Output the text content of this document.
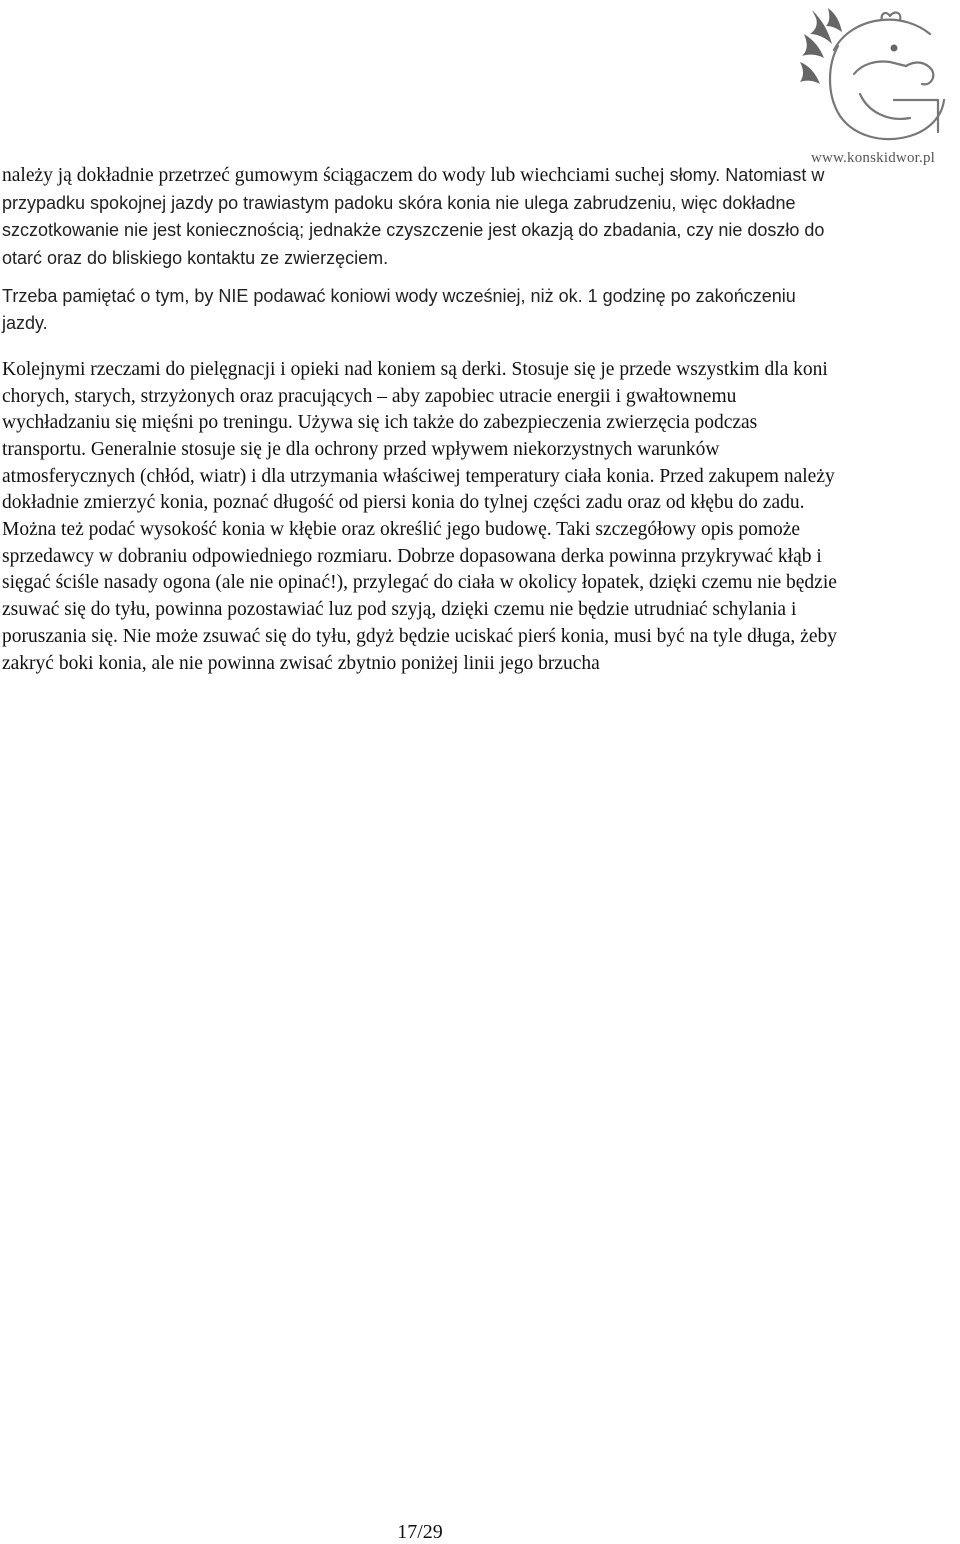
www.konskidwor.pl
należy ją dokładnie przetrzeć gumowym ściągaczem do wody lub wiechciami suchej słomy. Natomiast w przypadku spokojnej jazdy po trawiastym padoku skóra konia nie ulega zabrudzeniu, więc dokładne szczotkowanie nie jest koniecznością; jednakże czyszczenie jest okazją do zbadania, czy nie doszło do otarć oraz do bliskiego kontaktu ze zwierzęciem.

Trzeba pamiętać o tym, by NIE podawać koniowi wody wcześniej, niż ok. 1 godzinę po zakończeniu jazdy.

Kolejnymi rzeczami do pielęgnacji i opieki nad koniem są derki. Stosuje się je przede wszystkim dla koni chorych, starych, strzyżonych oraz pracujących – aby zapobiec utracie energii i gwałtownemu wychładzaniu się mięśni po treningu. Używa się ich także do zabezpieczenia zwierzęcia podczas transportu. Generalnie stosuje się je dla ochrony przed wpływem niekorzystnych warunków atmosferycznych (chłód, wiatr) i dla utrzymania właściwej temperatury ciała konia. Przed zakupem należy dokładnie zmierzyć konia, poznać długość od piersi konia do tylnej części zadu oraz od kłębu do zadu. Można też podać wysokość konia w kłębie oraz określić jego budowę. Taki szczegółowy opis pomoże sprzedawcy w dobraniu odpowiedniego rozmiaru. Dobrze dopasowana derka powinna przykrywać kłąb i sięgać ściśle nasady ogona (ale nie opinać!), przylegać do ciała w okolicy łopatek, dzięki czemu nie będzie zsuwać się do tyłu, powinna pozostawiać luz pod szyją, dzięki czemu nie będzie utrudniać schylania i poruszania się. Nie może zsuwać się do tyłu, gdyż będzie uciskać pierś konia, musi być na tyle długa, żeby zakryć boki konia, ale nie powinna zwisać zbytnio poniżej linii jego brzucha

17/29
